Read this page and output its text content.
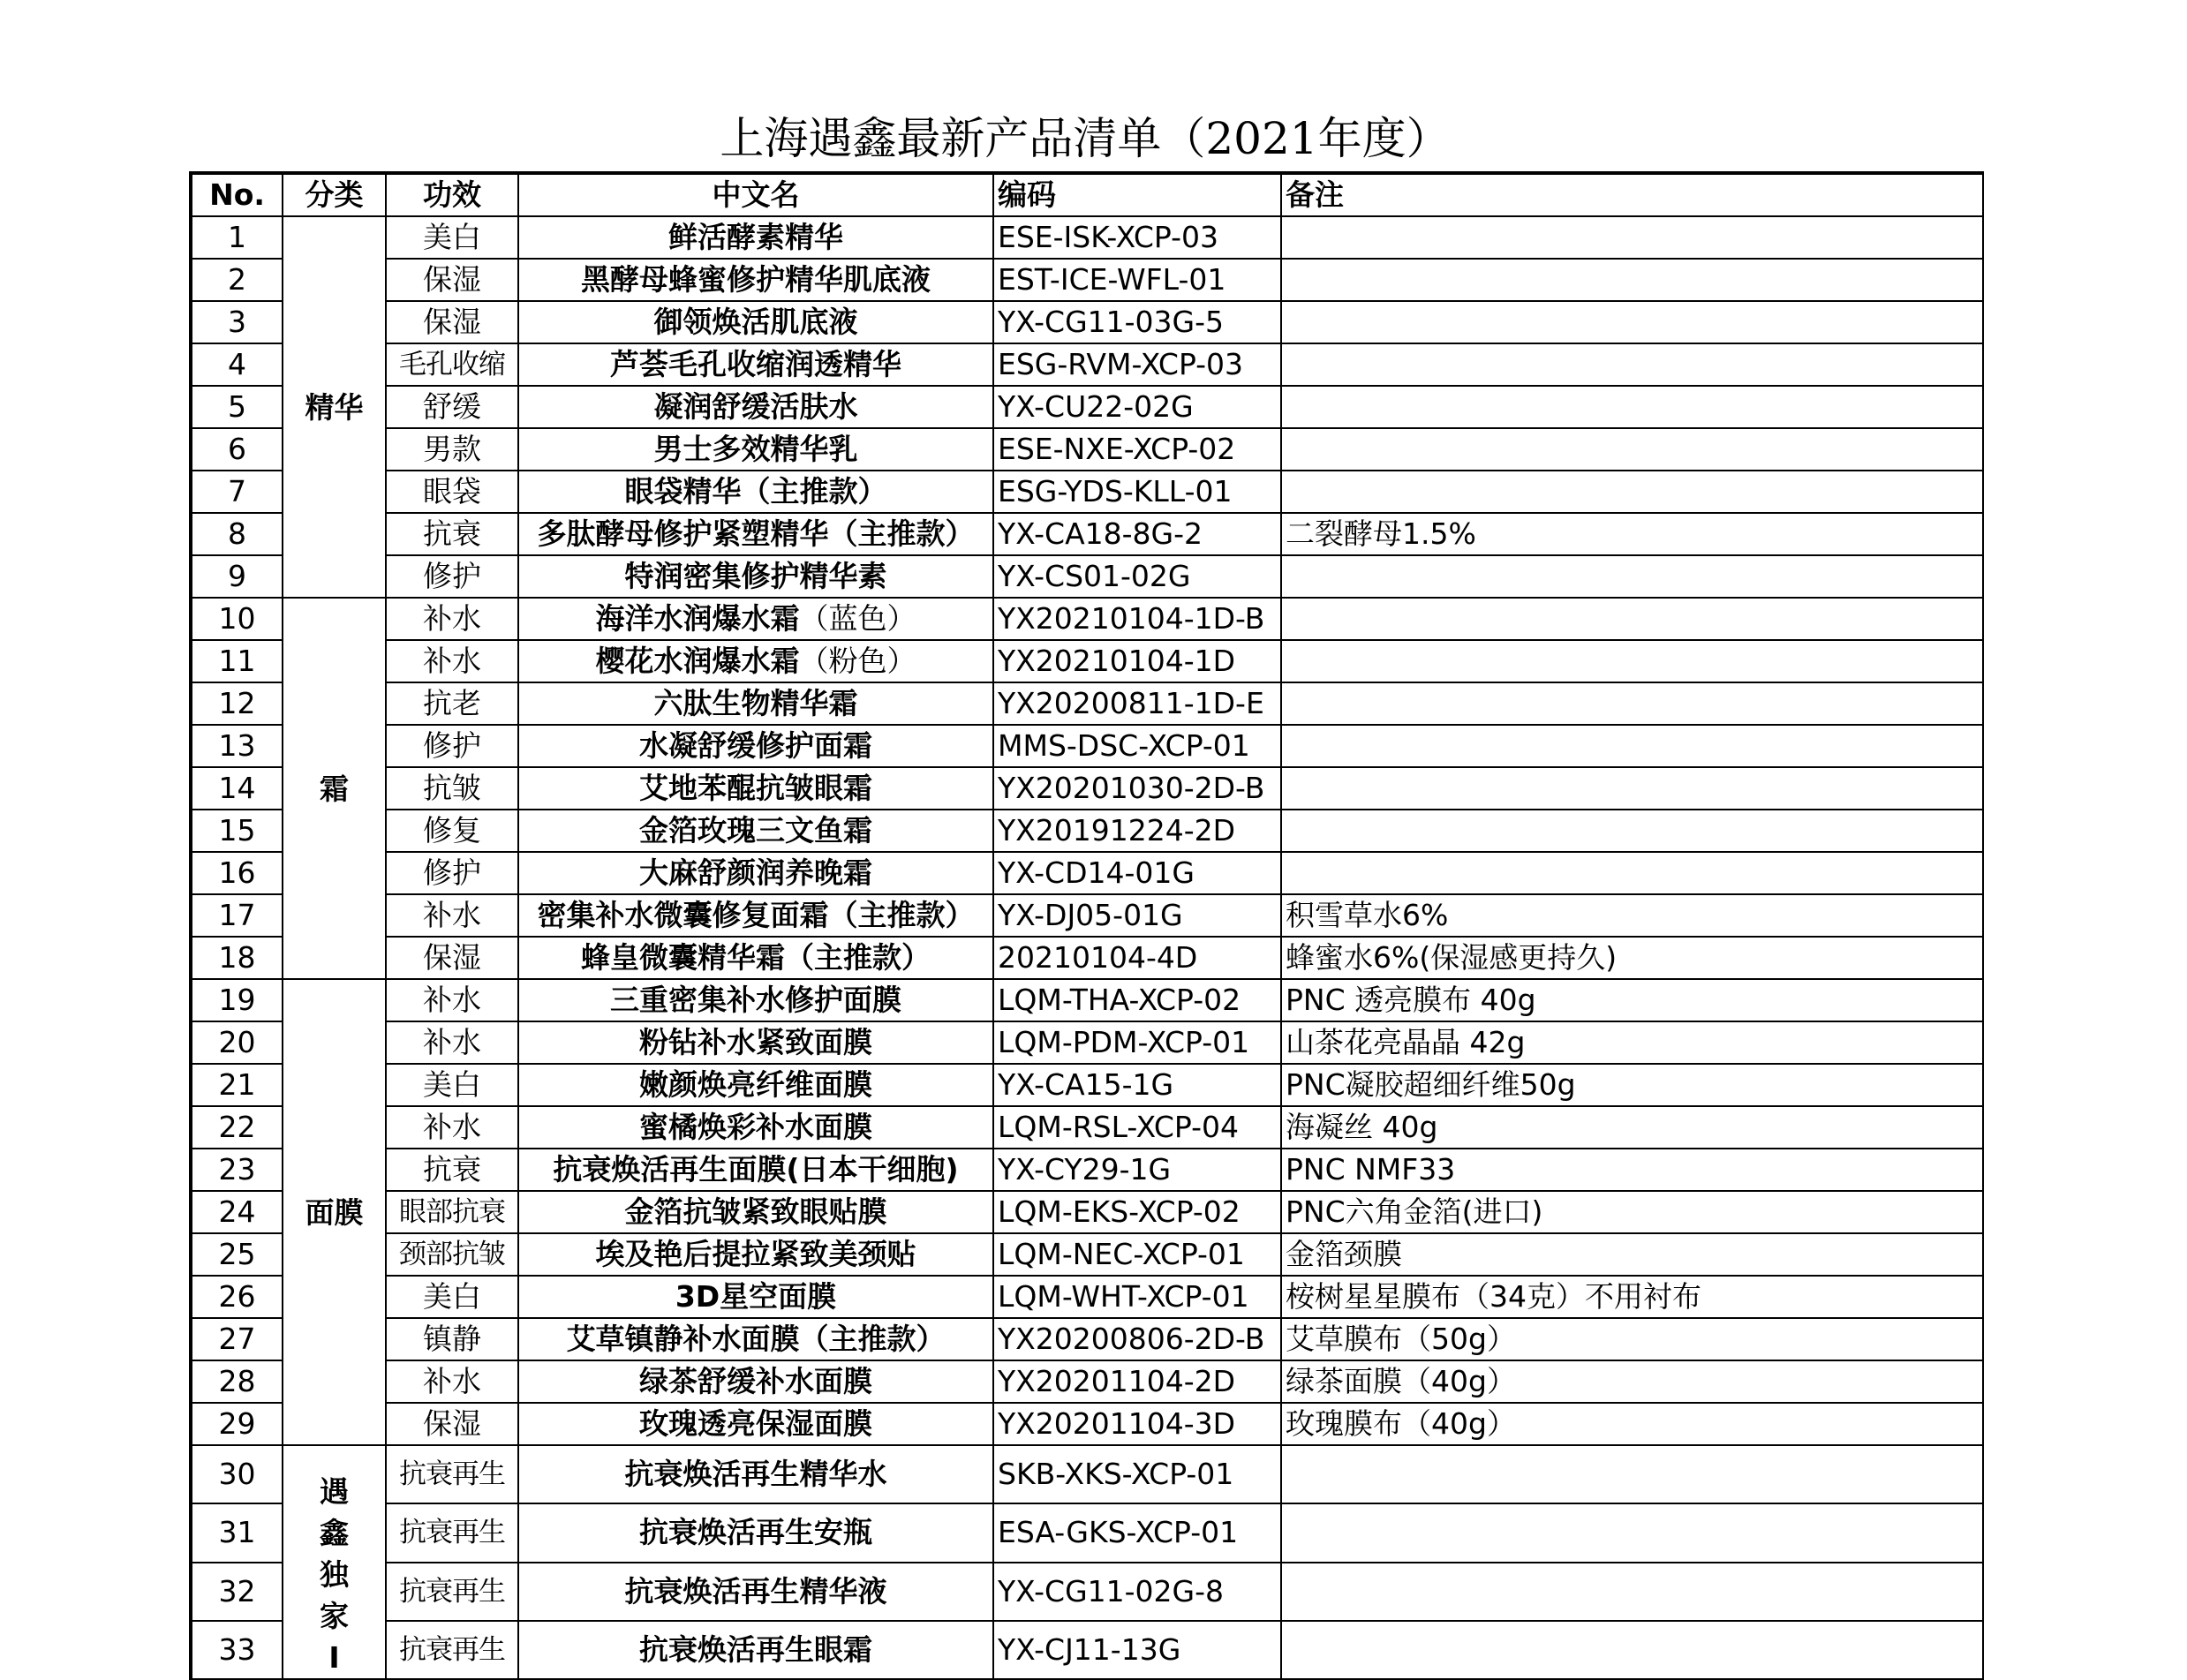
上海遇鑫最新产品清单（2021年度）
No.	分类	功效	中文名	编码	备注
1	精华	美白	鲜活酵素精华	ESE-ISK-XCP-03	
2		保湿	黑酵母蜂蜜修护精华肌底液	EST-ICE-WFL-01	
3		保湿	御领焕活肌底液	YX-CG11-03G-5	
4		毛孔收缩	芦荟毛孔收缩润透精华	ESG-RVM-XCP-03	
5		舒缓	凝润舒缓活肤水	YX-CU22-02G	
6		男款	男士多效精华乳	ESE-NXE-XCP-02	
7		眼袋	眼袋精华（主推款）	ESG-YDS-KLL-01	
8		抗衰	多肽酵母修护紧塑精华（主推款）	YX-CA18-8G-2	二裂酵母1.5%
9		修护	特润密集修护精华素	YX-CS01-02G	
10	霜	补水	海洋水润爆水霜（蓝色）	YX20210104-1D-B	
11		补水	樱花水润爆水霜（粉色）	YX20210104-1D	
12		抗老	六肽生物精华霜	YX20200811-1D-E	
13		修护	水凝舒缓修护面霜	MMS-DSC-XCP-01	
14		抗皱	艾地苯醌抗皱眼霜	YX20201030-2D-B	
15		修复	金箔玫瑰三文鱼霜	YX20191224-2D	
16		修护	大麻舒颜润养晚霜	YX-CD14-01G	
17		补水	密集补水微囊修复面霜（主推款）	YX-DJ05-01G	积雪草水6%
18		保湿	蜂皇微囊精华霜（主推款）	20210104-4D	蜂蜜水6%(保湿感更持久)
19	面膜	补水	三重密集补水修护面膜	LQM-THA-XCP-02	PNC 透亮膜布 40g
20		补水	粉钻补水紧致面膜	LQM-PDM-XCP-01	山茶花亮晶晶 42g
21		美白	嫩颜焕亮纤维面膜	YX-CA15-1G	PNC凝胶超细纤维50g
22		补水	蜜橘焕彩补水面膜	LQM-RSL-XCP-04	海凝丝 40g
23		抗衰	抗衰焕活再生面膜(日本干细胞)	YX-CY29-1G	PNC NMF33
24		眼部抗衰	金箔抗皱紧致眼贴膜	LQM-EKS-XCP-02	PNC六角金箔(进口)
25		颈部抗皱	埃及艳后提拉紧致美颈贴	LQM-NEC-XCP-01	金箔颈膜
26		美白	3D星空面膜	LQM-WHT-XCP-01	桉树星星膜布（34克）不用衬布
27		镇静	艾草镇静补水面膜（主推款）	YX20200806-2D-B	艾草膜布（50g）
28		补水	绿茶舒缓补水面膜	YX20201104-2D	绿茶面膜（40g）
29		保湿	玫瑰透亮保湿面膜	YX20201104-3D	玫瑰膜布（40g）
30	遇鑫独家I	抗衰再生	抗衰焕活再生精华水	SKB-XKS-XCP-01	
31		抗衰再生	抗衰焕活再生安瓶	ESA-GKS-XCP-01	
32		抗衰再生	抗衰焕活再生精华液	YX-CG11-02G-8	
33		抗衰再生	抗衰焕活再生眼霜	YX-CJ11-13G	
